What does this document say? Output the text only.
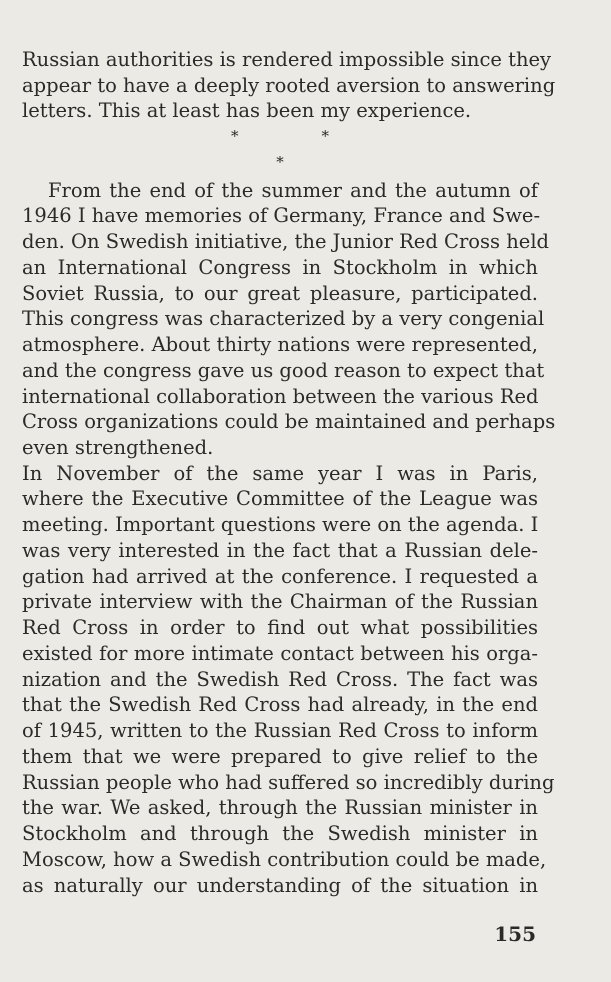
Russian authorities is rendered impossible since they
appear to have a deeply rooted aversion to answering
letters. This at least has been my experience.
*	*
*
From the end of the summer and the autumn of
1946 I have memories of Germany, France and Swe-
den. On Swedish initiative, the Junior Red Cross held
an International Congress in Stockholm in which
Soviet Russia, to our great pleasure, participated.
This congress was characterized by a very congenial
atmosphere. About thirty nations were represented,
and the congress gave us good reason to expect that
international collaboration between the various Red
Cross organizations could be maintained and perhaps
even strengthened.
In November of the same year I was in Paris,
where the Executive Committee of the League was
meeting. Important questions were on the agenda. I
was very interested in the fact that a Russian dele-
gation had arrived at the conference. I requested a
private interview with the Chairman of the Russian
Red Cross in order to find out what possibilities
existed for more intimate contact between his orga-
nization and the Swedish Red Cross. The fact was
that the Swedish Red Cross had already, in the end
of 1945, written to the Russian Red Cross to inform
them that we were prepared to give relief to the
Russian people who had suffered so incredibly during
the war. We asked, through the Russian minister in
Stockholm and through the Swedish minister in
Moscow, how a Swedish contribution could be made,
as naturally our understanding of the situation in
155
